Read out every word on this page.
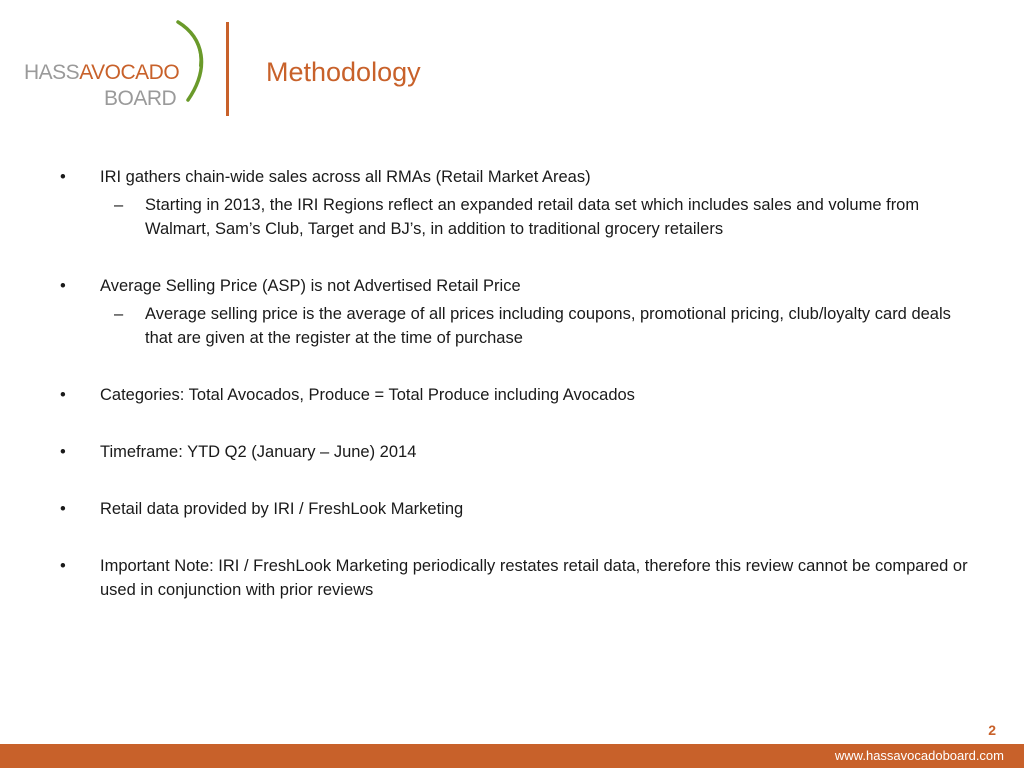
HASSAVOCADO
BOARD
Methodology

• IRI gathers chain-wide sales across all RMAs (Retail Market Areas)

– Starting in 2013, the IRI Regions reflect an expanded retail data set which includes sales and volume from Walmart, Sam’s Club, Target and BJ’s, in addition to traditional grocery retailers

• Average Selling Price (ASP) is not Advertised Retail Price

– Average selling price is the average of all prices including coupons, promotional pricing, club/loyalty card deals that are given at the register at the time of purchase

• Categories: Total Avocados, Produce = Total Produce including Avocados

• Timeframe: YTD Q2 (January – June) 2014

• Retail data provided by IRI / FreshLook Marketing

• Important Note: IRI / FreshLook Marketing periodically restates retail data, therefore this review cannot be compared or used in conjunction with prior reviews

2
www.hassavocadoboard.com
